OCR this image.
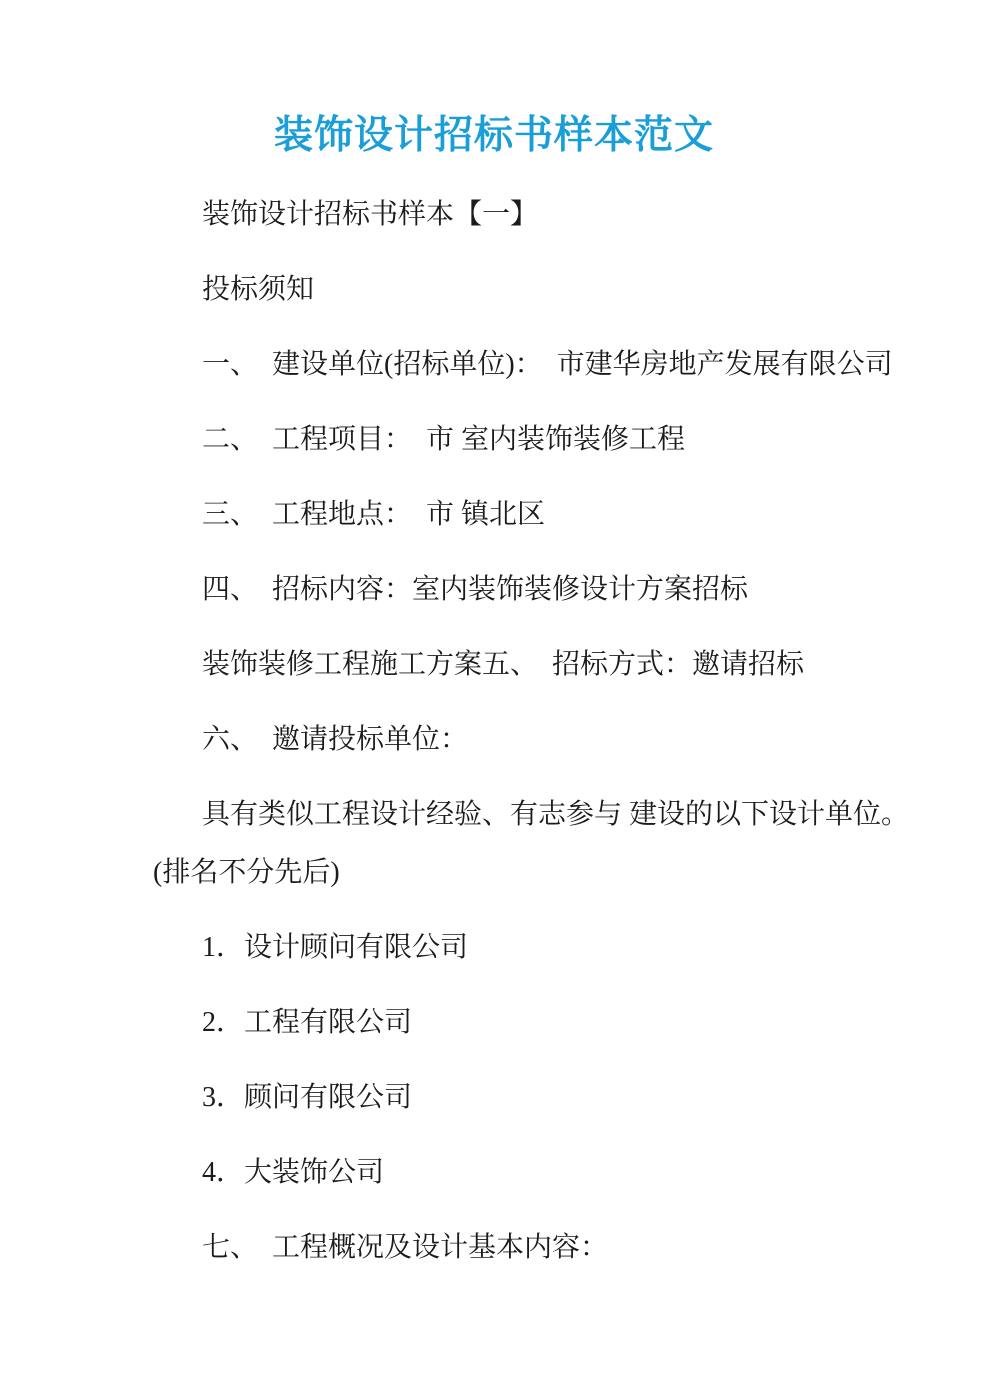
装饰设计招标书样本范文

装饰设计招标书样本【一】

投标须知

一、　建设单位(招标单位)：　市建华房地产发展有限公司

二、　工程项目：　市 室内装饰装修工程

三、　工程地点：　市 镇北区

四、　招标内容：室内装饰装修设计方案招标

装饰装修工程施工方案五、　招标方式：邀请招标

六、　邀请投标单位：

具有类似工程设计经验、有志参与 建设的以下设计单位。

(排名不分先后)

1．设计顾问有限公司

2．工程有限公司

3．顾问有限公司

4．大装饰公司

七、　工程概况及设计基本内容：
